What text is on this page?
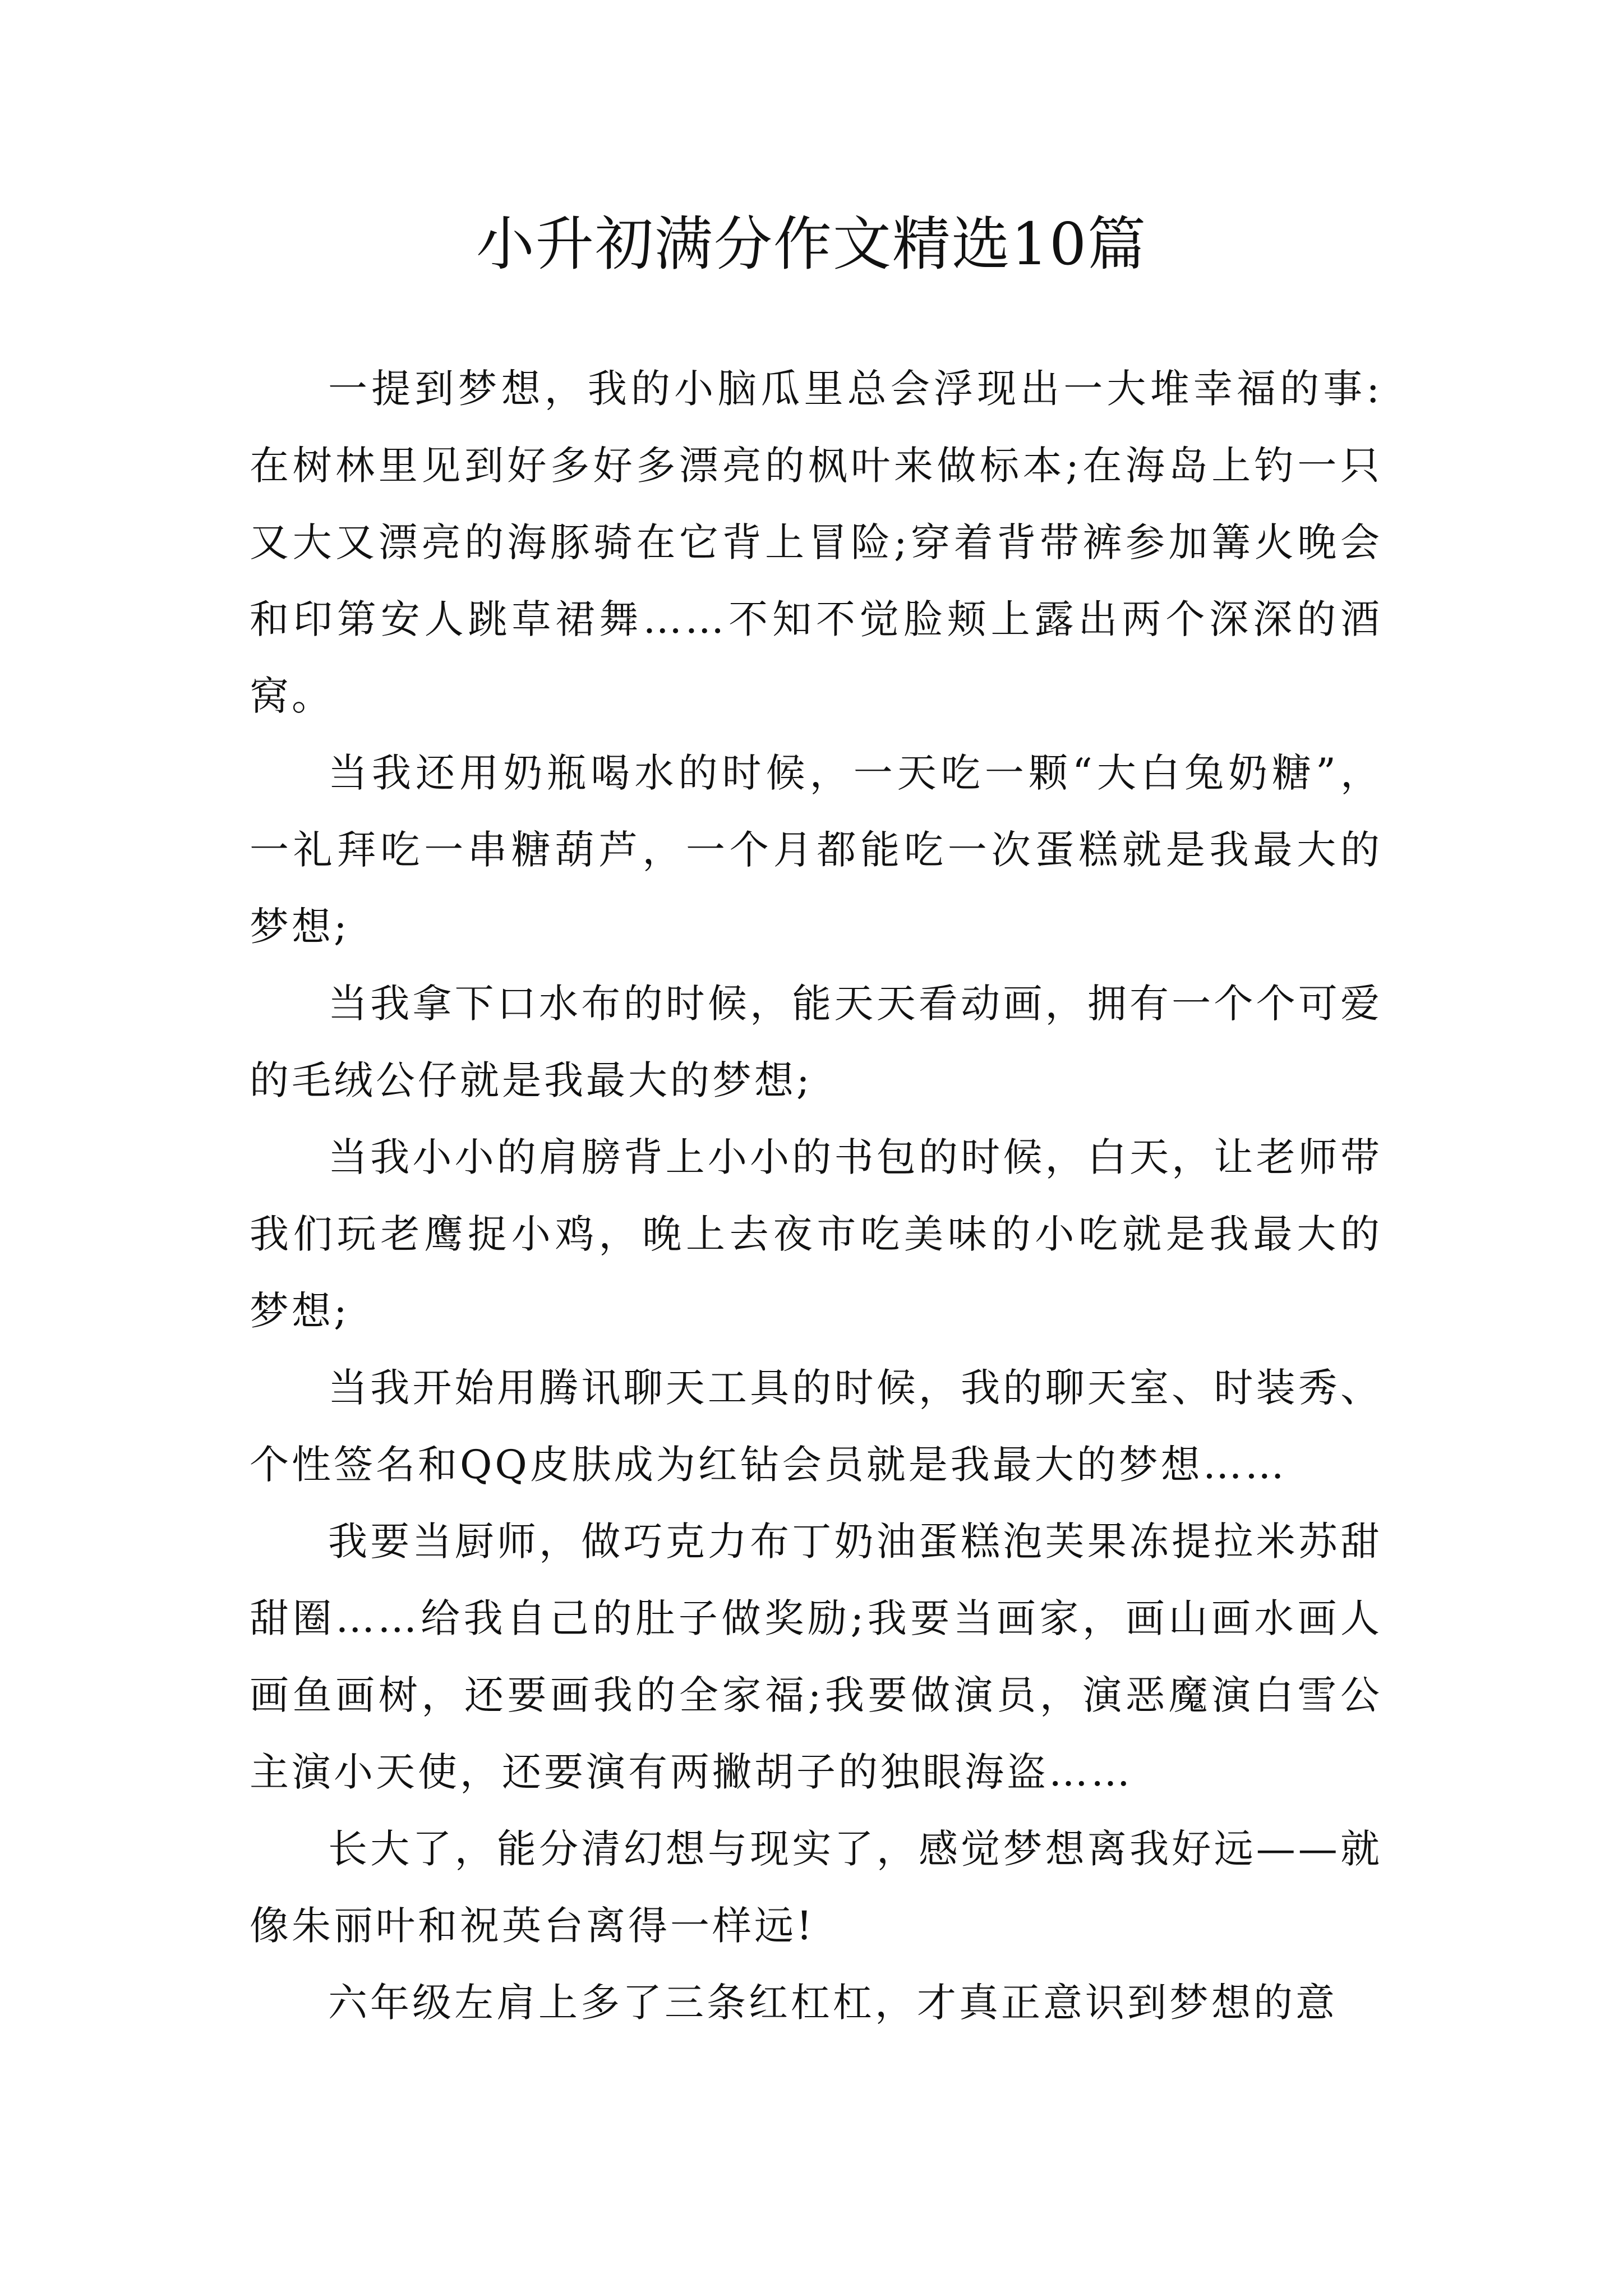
小升初满分作文精选10篇

一提到梦想，我的小脑瓜里总会浮现出一大堆幸福的事:在树林里见到好多好多漂亮的枫叶来做标本;在海岛上钓一只又大又漂亮的海豚骑在它背上冒险;穿着背带裤参加篝火晚会和印第安人跳草裙舞……不知不觉脸颊上露出两个深深的酒窝。

当我还用奶瓶喝水的时候，一天吃一颗“大白兔奶糖”，一礼拜吃一串糖葫芦，一个月都能吃一次蛋糕就是我最大的梦想;

当我拿下口水布的时候，能天天看动画，拥有一个个可爱的毛绒公仔就是我最大的梦想;

当我小小的肩膀背上小小的书包的时候，白天，让老师带我们玩老鹰捉小鸡，晚上去夜市吃美味的小吃就是我最大的梦想;

当我开始用腾讯聊天工具的时候，我的聊天室、时装秀、个性签名和QQ皮肤成为红钻会员就是我最大的梦想……

我要当厨师，做巧克力布丁奶油蛋糕泡芙果冻提拉米苏甜甜圈……给我自己的肚子做奖励;我要当画家，画山画水画人画鱼画树，还要画我的全家福;我要做演员，演恶魔演白雪公主演小天使，还要演有两撇胡子的独眼海盗……

长大了，能分清幻想与现实了，感觉梦想离我好远——就像朱丽叶和祝英台离得一样远!

六年级左肩上多了三条红杠杠，才真正意识到梦想的意
